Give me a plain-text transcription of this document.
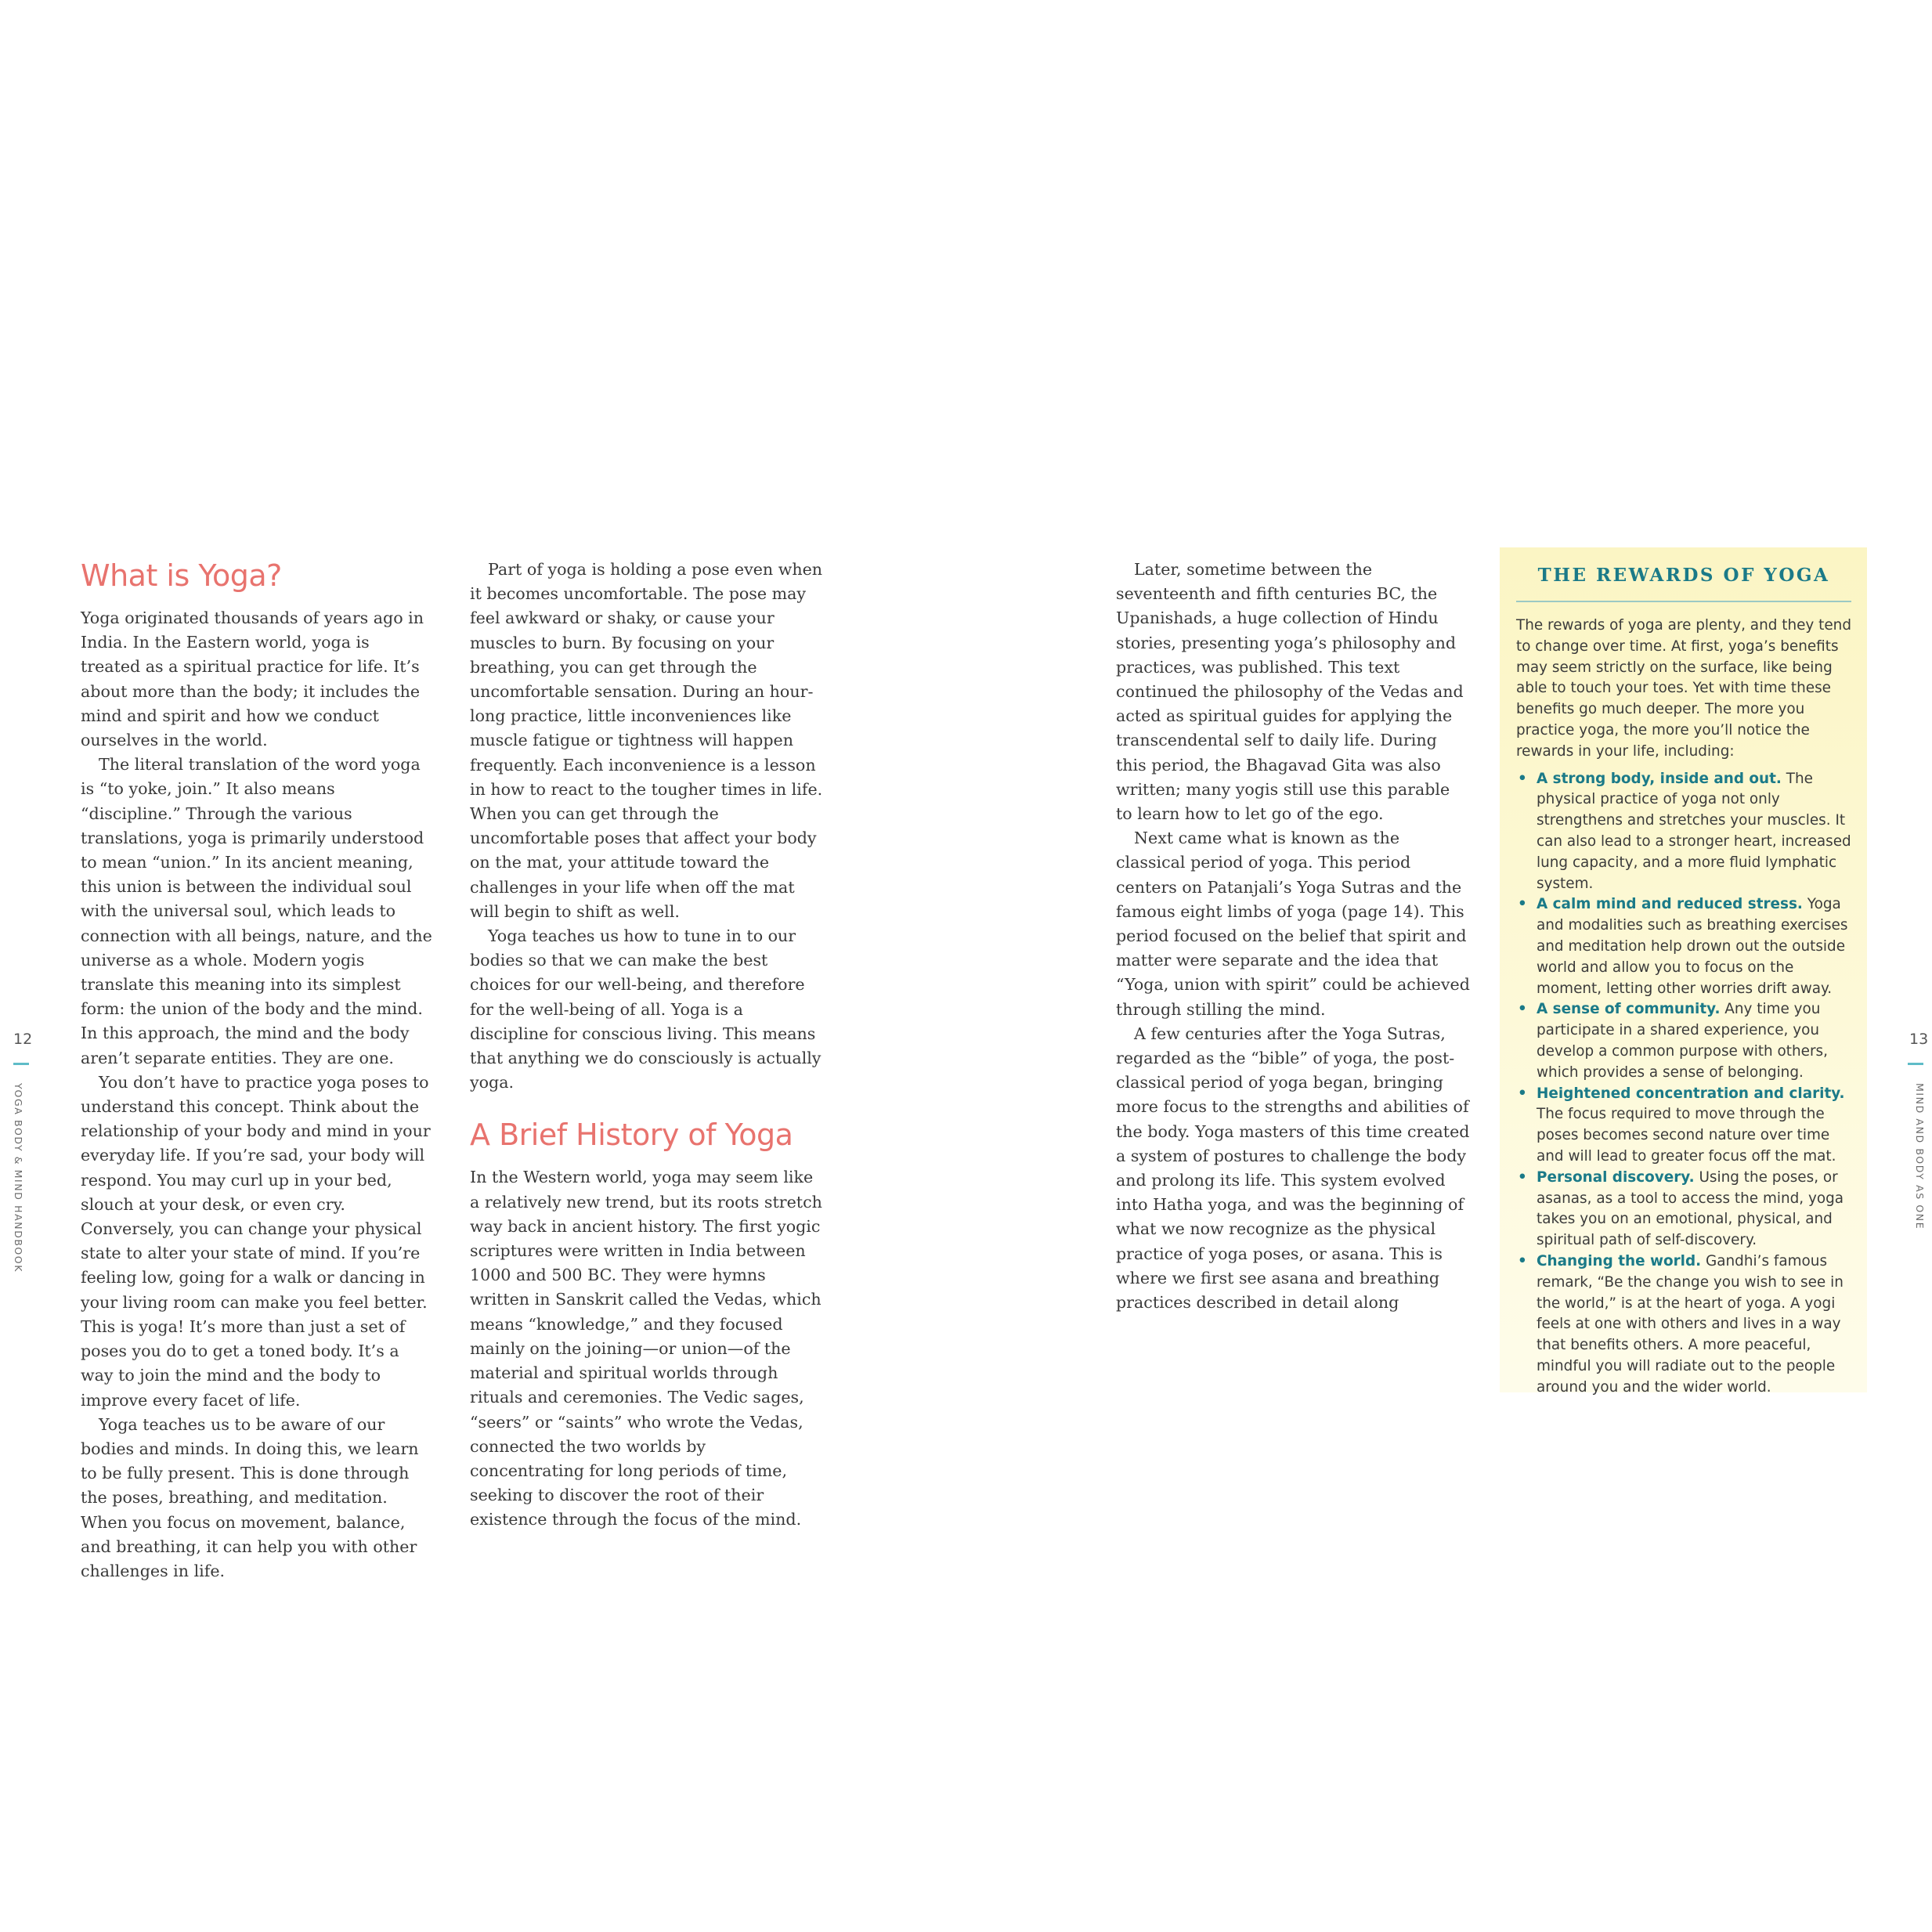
12
YOGA BODY & MIND HANDBOOK
13
MIND AND BODY AS ONE
What is Yoga?

Yoga originated thousands of years ago in India. In the Eastern world, yoga is treated as a spiritual practice for life. It’s about more than the body; it includes the mind and spirit and how we conduct ourselves in the world.

The literal translation of the word yoga is “to yoke, join.” It also means “discipline.” Through the various translations, yoga is primarily understood to mean “union.” In its ancient meaning, this union is between the individual soul with the universal soul, which leads to connection with all beings, nature, and the universe as a whole. Modern yogis translate this meaning into its simplest form: the union of the body and the mind. In this approach, the mind and the body aren’t separate entities. They are one.

You don’t have to practice yoga poses to understand this concept. Think about the relationship of your body and mind in your everyday life. If you’re sad, your body will respond. You may curl up in your bed, slouch at your desk, or even cry. Conversely, you can change your physical state to alter your state of mind. If you’re feeling low, going for a walk or dancing in your living room can make you feel better. This is yoga! It’s more than just a set of poses you do to get a toned body. It’s a way to join the mind and the body to improve every facet of life.

Yoga teaches us to be aware of our bodies and minds. In doing this, we learn to be fully present. This is done through the poses, breathing, and meditation. When you focus on movement, balance, and breathing, it can help you with other challenges in life.

Part of yoga is holding a pose even when it becomes uncomfortable. The pose may feel awkward or shaky, or cause your muscles to burn. By focusing on your breathing, you can get through the uncomfortable sensation. During an hour-long practice, little inconveniences like muscle fatigue or tightness will happen frequently. Each inconvenience is a lesson in how to react to the tougher times in life. When you can get through the uncomfortable poses that affect your body on the mat, your attitude toward the challenges in your life when off the mat will begin to shift as well.

Yoga teaches us how to tune in to our bodies so that we can make the best choices for our well-being, and therefore for the well-being of all. Yoga is a discipline for conscious living. This means that anything we do consciously is actually yoga.

A Brief History of Yoga

In the Western world, yoga may seem like a relatively new trend, but its roots stretch way back in ancient history. The first yogic scriptures were written in India between 1000 and 500 BC. They were hymns written in Sanskrit called the Vedas, which means “knowledge,” and they focused mainly on the joining—or union—of the material and spiritual worlds through rituals and ceremonies. The Vedic sages, “seers” or “saints” who wrote the Vedas, connected the two worlds by concentrating for long periods of time, seeking to discover the root of their existence through the focus of the mind.

Later, sometime between the seventeenth and fifth centuries BC, the Upanishads, a huge collection of Hindu stories, presenting yoga’s philosophy and practices, was published. This text continued the philosophy of the Vedas and acted as spiritual guides for applying the transcendental self to daily life. During this period, the Bhagavad Gita was also written; many yogis still use this parable to learn how to let go of the ego.

Next came what is known as the classical period of yoga. This period centers on Patanjali’s Yoga Sutras and the famous eight limbs of yoga (page 14). This period focused on the belief that spirit and matter were separate and the idea that “Yoga, union with spirit” could be achieved through stilling the mind.

A few centuries after the Yoga Sutras, regarded as the “bible” of yoga, the post-classical period of yoga began, bringing more focus to the strengths and abilities of the body. Yoga masters of this time created a system of postures to challenge the body and prolong its life. This system evolved into Hatha yoga, and was the beginning of what we now recognize as the physical practice of yoga poses, or asana. This is where we first see asana and breathing practices described in detail along

THE REWARDS OF YOGA

The rewards of yoga are plenty, and they tend to change over time. At first, yoga’s benefits may seem strictly on the surface, like being able to touch your toes. Yet with time these benefits go much deeper. The more you practice yoga, the more you’ll notice the rewards in your life, including:

• A strong body, inside and out. The physical practice of yoga not only strengthens and stretches your muscles. It can also lead to a stronger heart, increased lung capacity, and a more fluid lymphatic system.
• A calm mind and reduced stress. Yoga and modalities such as breathing exercises and meditation help drown out the outside world and allow you to focus on the moment, letting other worries drift away.
• A sense of community. Any time you participate in a shared experience, you develop a common purpose with others, which provides a sense of belonging.
• Heightened concentration and clarity. The focus required to move through the poses becomes second nature over time and will lead to greater focus off the mat.
• Personal discovery. Using the poses, or asanas, as a tool to access the mind, yoga takes you on an emotional, physical, and spiritual path of self-discovery.
• Changing the world. Gandhi’s famous remark, “Be the change you wish to see in the world,” is at the heart of yoga. A yogi feels at one with others and lives in a way that benefits others. A more peaceful, mindful you will radiate out to the people around you and the wider world.
